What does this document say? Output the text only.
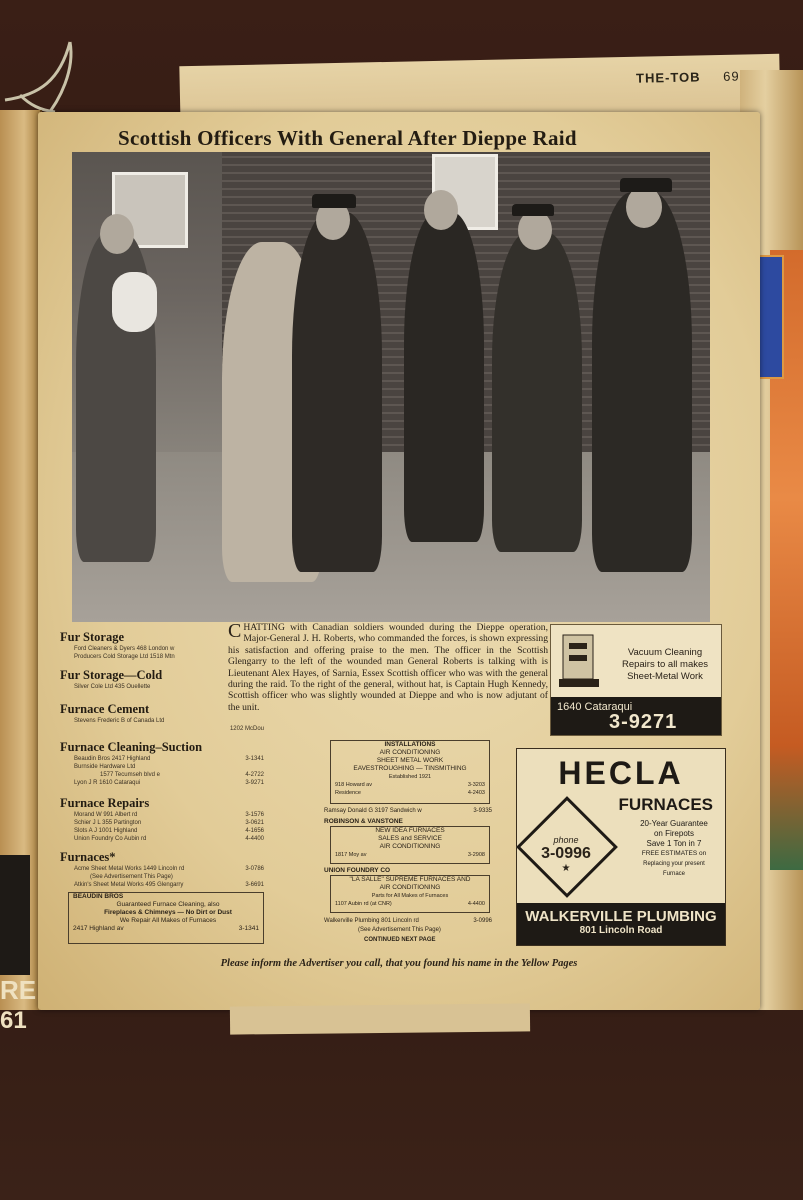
THE-TOB 69
RE
61
Scottish Officers With General After Dieppe Raid
CHATTING with Canadian soldiers wounded during the Dieppe operation, Major-General J. H. Roberts, who commanded the forces, is shown expressing his satisfaction and offering praise to the men. The officer in the Scottish Glengarry to the left of the wounded man General Roberts is talking with is Lieutenant Alex Hayes, of Sarnia, Essex Scottish officer who was with the general during the raid. To the right of the general, without hat, is Captain Hugh Kennedy, Scottish officer who was slightly wounded at Dieppe and who is now adjutant of the unit.
Fur Storage
Ford Cleaners & Dyers 468 London w
Producers Cold Storage Ltd 1518 Mtn
Fur Storage—Cold
Silver Cole Ltd 435 Ouellette
Furnace Cement
Stevens Frederic B of Canada Ltd
1202 McDou
Furnace Cleaning–Suction
Beaudin Bros 2417 Highland	3-1341
Burnside Hardware Ltd
1577 Tecumseh blvd e	4-2722
Lyon J R 1610 Cataraqui	3-9271
Furnace Repairs
Morand W 991 Albert rd	3-1576
Schier J L 355 Partington	3-0621
Slots A J 1001 Highland	4-1656
Union Foundry Co Aubin rd	4-4400
Furnaces*
Acme Sheet Metal Works 1449 Lincoln rd	3-0786
(See Advertisement This Page)
Atkin's Sheet Metal Works 495 Glengarry	3-6691
BEAUDIN BROS
Guaranteed Furnace Cleaning, also
Fireplaces & Chimneys — No Dirt or Dust
We Repair All Makes of Furnaces
2417 Highland av	3-1341
INSTALLATIONS
AIR CONDITIONING
SHEET METAL WORK
EAVESTROUGHING — TINSMITHING
Established 1921
918 Howard av	3-3203
Residence	4-2403
Ramsay Donald G 3197 Sandwich w	3-9335
ROBINSON & VANSTONE
NEW IDEA FURNACES
SALES and SERVICE
AIR CONDITIONING
1817 Moy av	3-2908
UNION FOUNDRY CO
"LA SALLE" SUPREME FURNACES AND
AIR CONDITIONING
Parts for All Makes of Furnaces
1107 Aubin rd (at CNR)	4-4400
Walkerville Plumbing 801 Lincoln rd	3-0996
(See Advertisement This Page)
CONTINUED NEXT PAGE
Vacuum Cleaning
Repairs to all makes
Sheet-Metal Work
1640 Cataraqui
3-9271
HECLA
FURNACES
phone
3-0996
★
20-Year Guarantee
on Firepots
Save 1 Ton in 7
FREE ESTIMATES on
Replacing your present
Furnace
WALKERVILLE PLUMBING
801 Lincoln Road
Please inform the Advertiser you call, that you found his name in the Yellow Pages
